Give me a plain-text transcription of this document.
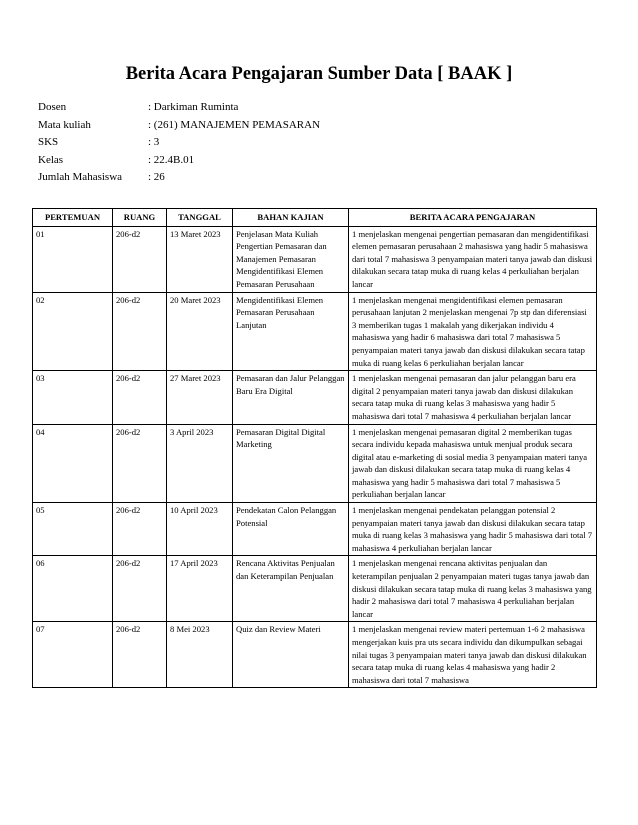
Berita Acara Pengajaran Sumber Data [ BAAK ]
Dosen	: Darkiman Ruminta
Mata kuliah	: (261) MANAJEMEN PEMASARAN
SKS	: 3
Kelas	: 22.4B.01
Jumlah Mahasiswa	: 26
PERTEMUAN	RUANG	TANGGAL	BAHAN KAJIAN	BERITA ACARA PENGAJARAN
01	206-d2	13 Maret 2023	Penjelasan Mata Kuliah Pengertian Pemasaran dan Manajemen Pemasaran Mengidentifikasi Elemen Pemasaran Perusahaan	1 menjelaskan mengenai pengertian pemasaran dan mengidentifikasi elemen pemasaran perusahaan 2 mahasiswa yang hadir 5 mahasiswa dari total 7 mahasiswa 3 penyampaian materi tanya jawab dan diskusi dilakukan secara tatap muka di ruang kelas 4 perkuliahan berjalan lancar
02	206-d2	20 Maret 2023	Mengidentifikasi Elemen Pemasaran Perusahaan Lanjutan	1 menjelaskan mengenai mengidentifikasi elemen pemasaran perusahaan lanjutan 2 menjelaskan mengenai 7p stp dan diferensiasi 3 memberikan tugas 1 makalah yang dikerjakan individu 4 mahasiswa yang hadir 6 mahasiswa dari total 7 mahasiswa 5 penyampaian materi tanya jawab dan diskusi dilakukan secara tatap muka di ruang kelas 6 perkuliahan berjalan lancar
03	206-d2	27 Maret 2023	Pemasaran dan Jalur Pelanggan Baru Era Digital	1 menjelaskan mengenai pemasaran dan jalur pelanggan baru era digital 2 penyampaian materi tanya jawab dan diskusi dilakukan secara tatap muka di ruang kelas 3 mahasiswa yang hadir 5 mahasiswa dari total 7 mahasiswa 4 perkuliahan berjalan lancar
04	206-d2	3 April 2023	Pemasaran Digital Digital Marketing	1 menjelaskan mengenai pemasaran digital 2 memberikan tugas secara individu kepada mahasiswa untuk menjual produk secara digital atau e-marketing di sosial media 3 penyampaian materi tanya jawab dan diskusi dilakukan secara tatap muka di ruang kelas 4 mahasiswa yang hadir 5 mahasiswa dari total 7 mahasiswa 5 perkuliahan berjalan lancar
05	206-d2	10 April 2023	Pendekatan Calon Pelanggan Potensial	1 menjelaskan mengenai pendekatan pelanggan potensial 2 penyampaian materi tanya jawab dan diskusi dilakukan secara tatap muka di ruang kelas 3 mahasiswa yang hadir 5 mahasiswa dari total 7 mahasiswa 4 perkuliahan berjalan lancar
06	206-d2	17 April 2023	Rencana Aktivitas Penjualan dan Keterampilan Penjualan	1 menjelaskan mengenai rencana aktivitas penjualan dan keterampilan penjualan 2 penyampaian materi tugas tanya jawab dan diskusi dilakukan secara tatap muka di ruang kelas 3 mahasiswa yang hadir 2 mahasiswa dari total 7 mahasiswa 4 perkuliahan berjalan lancar
07	206-d2	8 Mei 2023	Quiz dan Review Materi	1 menjelaskan mengenai review materi pertemuan 1-6 2 mahasiswa mengerjakan kuis pra uts secara individu dan dikumpulkan sebagai nilai tugas 3 penyampaian materi tanya jawab dan diskusi dilakukan secara tatap muka di ruang kelas 4 mahasiswa yang hadir 2 mahasiswa dari total 7 mahasiswa
